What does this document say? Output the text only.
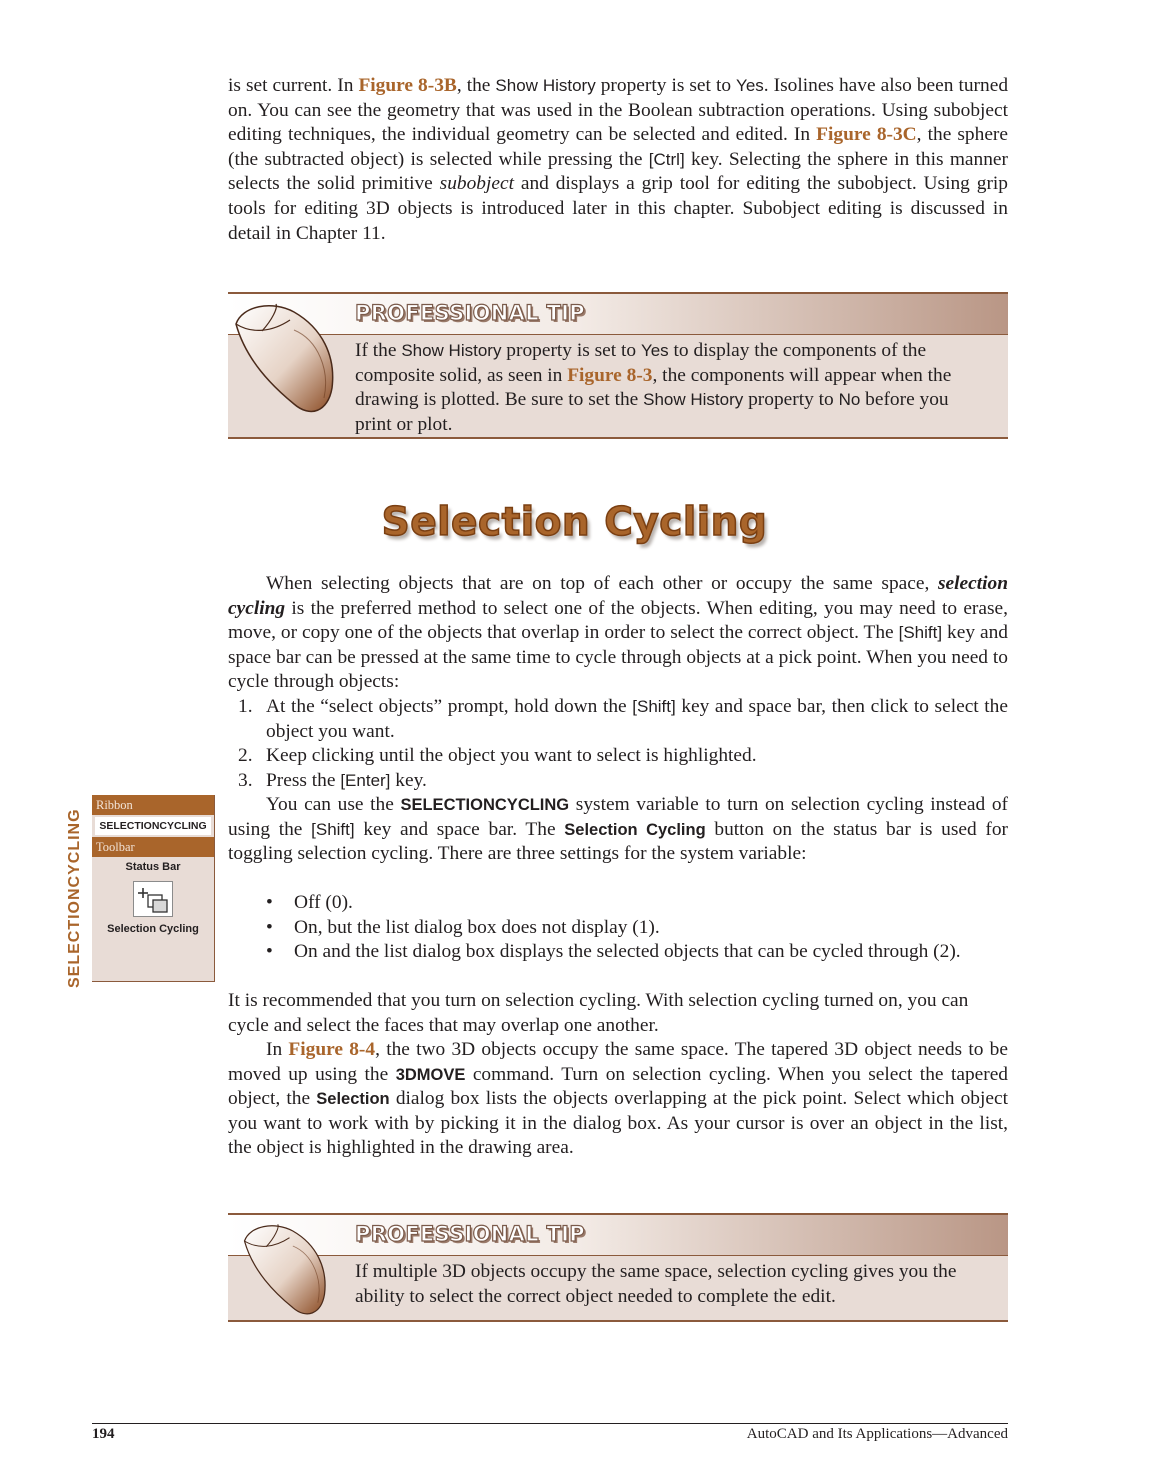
is set current. In Figure 8-3B, the Show History property is set to Yes. Isolines have also been turned on. You can see the geometry that was used in the Boolean subtraction operations. Using subobject editing techniques, the individual geometry can be selected and edited. In Figure 8-3C, the sphere (the subtracted object) is selected while pressing the [Ctrl] key. Selecting the sphere in this manner selects the solid primitive subobject and displays a grip tool for editing the subobject. Using grip tools for editing 3D objects is introduced later in this chapter. Subobject editing is discussed in detail in Chapter 11.

PROFESSIONAL TIP
If the Show History property is set to Yes to display the components of the composite solid, as seen in Figure 8-3, the components will appear when the drawing is plotted. Be sure to set the Show History property to No before you print or plot.
Selection Cycling

When selecting objects that are on top of each other or occupy the same space, selection cycling is the preferred method to select one of the objects. When editing, you may need to erase, move, or copy one of the objects that overlap in order to select the correct object. The [Shift] key and space bar can be pressed at the same time to cycle through objects at a pick point. When you need to cycle through objects:

1. At the “select objects” prompt, hold down the [Shift] key and space bar, then click to select the object you want.
2. Keep clicking until the object you want to select is highlighted.
3. Press the [Enter] key.

You can use the SELECTIONCYCLING system variable to turn on selection cycling instead of using the [Shift] key and space bar. The Selection Cycling button on the status bar is used for toggling selection cycling. There are three settings for the system variable:

• Off (0).
• On, but the list dialog box does not display (1).
• On and the list dialog box displays the selected objects that can be cycled through (2).

It is recommended that you turn on selection cycling. With selection cycling turned on, you can cycle and select the faces that may overlap one another.

In Figure 8-4, the two 3D objects occupy the same space. The tapered 3D object needs to be moved up using the 3DMOVE command. Turn on selection cycling. When you select the tapered object, the Selection dialog box lists the objects overlapping at the pick point. Select which object you want to work with by picking it in the dialog box. As your cursor is over an object in the list, the object is highlighted in the drawing area.

PROFESSIONAL TIP
If multiple 3D objects occupy the same space, selection cycling gives you the ability to select the correct object needed to complete the edit.
SELECTIONCYCLING
Ribbon
SELECTIONCYCLING
Toolbar
Status Bar
Selection Cycling
194	AutoCAD and Its Applications—Advanced
